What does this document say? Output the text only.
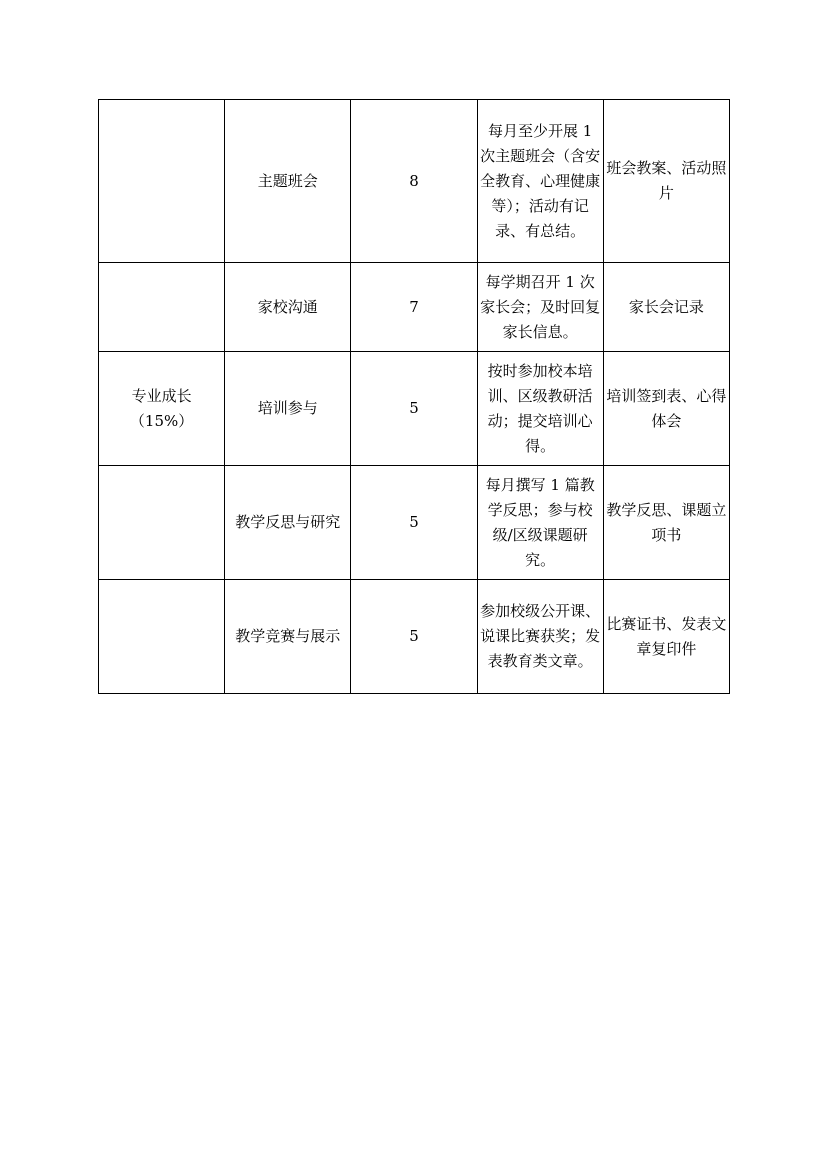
	主题班会	8	每月至少开展 1 次主题班会（含安全教育、心理健康等）；活动有记录、有总结。	班会教案、活动照片
	家校沟通	7	每学期召开 1 次家长会；及时回复家长信息。	家长会记录

专业成长
（15%）	培训参与	5	按时参加校本培训、区级教研活动；提交培训心得。	培训签到表、心得体会
	教学反思与研究	5	每月撰写 1 篇教学反思；参与校级/区级课题研究。	教学反思、课题立项书
	教学竞赛与展示	5	参加校级公开课、说课比赛获奖；发表教育类文章。	比赛证书、发表文章复印件
